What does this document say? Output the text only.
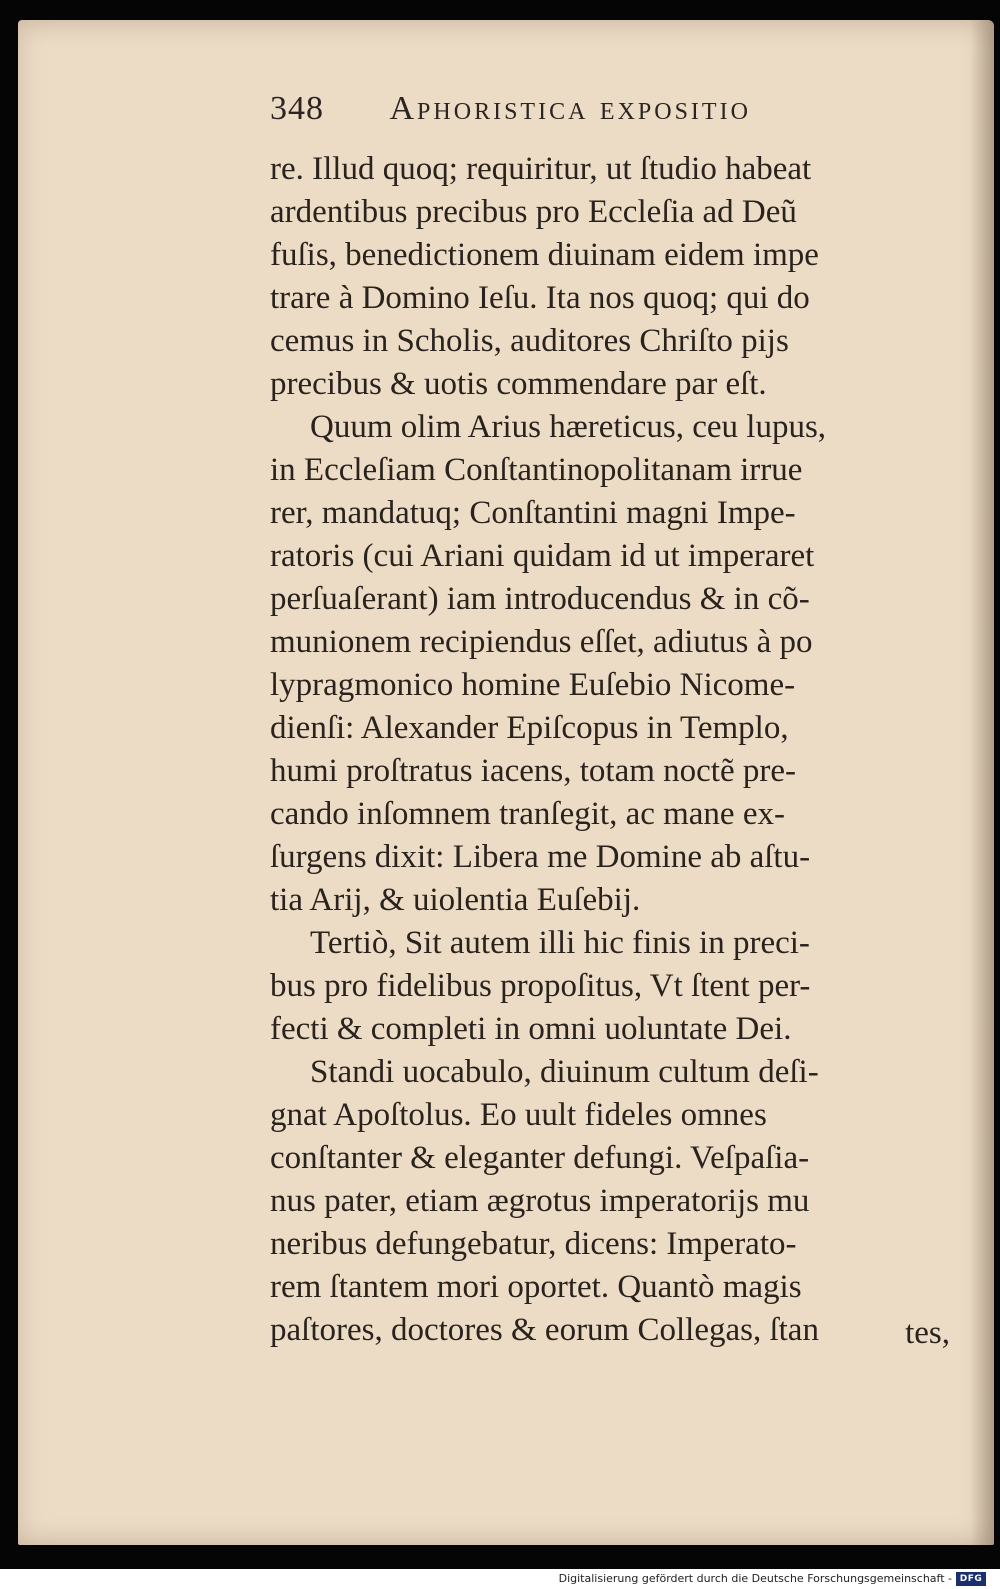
348 Aphoristica expositio
re. Illud quoq; requiritur, ut ſtudio habeat
ardentibus precibus pro Eccleſia ad Deũ
fuſis, benedictionem diuinam eidem impe
trare à Domino Ieſu. Ita nos quoq; qui do
cemus in Scholis, auditores Chriſto pijs
precibus & uotis commendare par eſt.
Quum olim Arius hæreticus, ceu lupus,
in Eccleſiam Conſtantinopolitanam irrue
rer, mandatuq; Conſtantini magni Impe-
ratoris (cui Ariani quidam id ut imperaret
perſuaſerant) iam introducendus & in cõ-
munionem recipiendus eſſet, adiutus à po
lypragmonico homine Euſebio Nicome-
dienſi: Alexander Epiſcopus in Templo,
humi proſtratus iacens, totam noctẽ pre-
cando inſomnem tranſegit, ac mane ex-
ſurgens dixit: Libera me Domine ab aſtu-
tia Arij, & uiolentia Euſebij.
Tertiò, Sit autem illi hic finis in preci-
bus pro fidelibus propoſitus, Vt ſtent per-
fecti & completi in omni uoluntate Dei.
Standi uocabulo, diuinum cultum deſi-
gnat Apoſtolus. Eo uult fideles omnes
conſtanter & eleganter defungi. Veſpaſia-
nus pater, etiam ægrotus imperatorijs mu
neribus defungebatur, dicens: Imperato-
rem ſtantem mori oportet. Quantò magis
paſtores, doctores & eorum Collegas, ſtan	tes,
Digitalisierung gefördert durch die Deutsche Forschungsgemeinschaft - DFG
